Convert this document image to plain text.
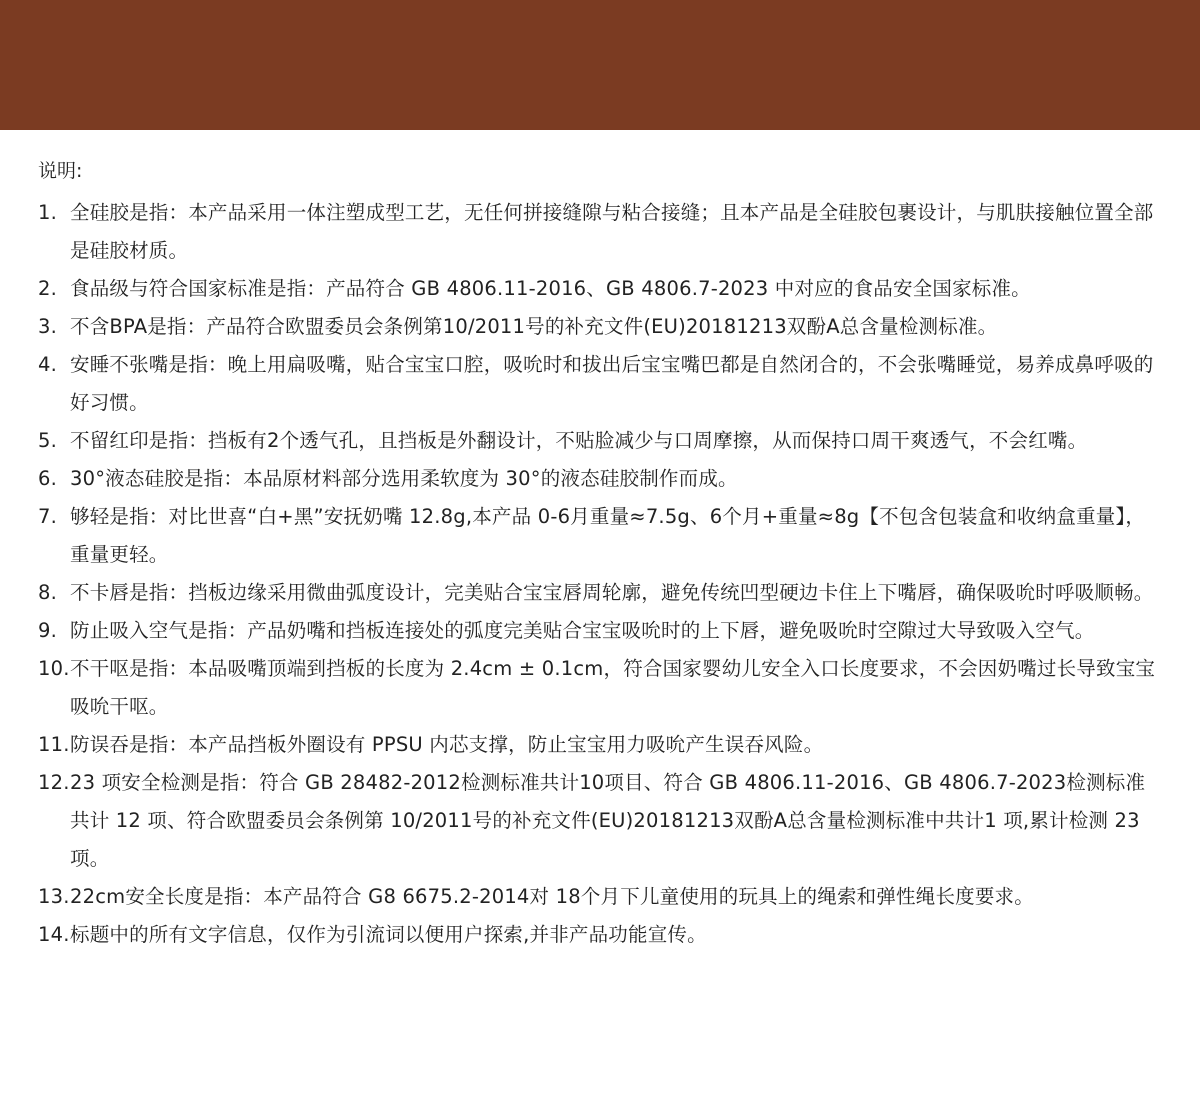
说明:
1. 全硅胶是指：本产品采用一体注塑成型工艺，无任何拼接缝隙与粘合接缝；且本产品是全硅胶包裹设计，与肌肤接触位置全部是硅胶材质。
2. 食品级与符合国家标准是指：产品符合 GB 4806.11-2016、GB 4806.7-2023 中对应的食品安全国家标准。
3. 不含BPA是指：产品符合欧盟委员会条例第10/2011号的补充文件(EU)20181213双酚A总含量检测标准。
4. 安睡不张嘴是指：晚上用扁吸嘴，贴合宝宝口腔，吸吮时和拔出后宝宝嘴巴都是自然闭合的，不会张嘴睡觉，易养成鼻呼吸的好习惯。
5. 不留红印是指：挡板有2个透气孔，且挡板是外翻设计，不贴脸减少与口周摩擦，从而保持口周干爽透气，不会红嘴。
6. 30°液态硅胶是指：本品原材料部分选用柔软度为 30°的液态硅胶制作而成。
7. 够轻是指：对比世喜“白+黑”安抚奶嘴 12.8g,本产品 0-6月重量≈7.5g、6个月+重量≈8g【不包含包装盒和收纳盒重量】，重量更轻。
8. 不卡唇是指：挡板边缘采用微曲弧度设计，完美贴合宝宝唇周轮廓，避免传统凹型硬边卡住上下嘴唇，确保吸吮时呼吸顺畅。
9. 防止吸入空气是指：产品奶嘴和挡板连接处的弧度完美贴合宝宝吸吮时的上下唇，避免吸吮时空隙过大导致吸入空气。
10. 不干呕是指：本品吸嘴顶端到挡板的长度为 2.4cm ± 0.1cm，符合国家婴幼儿安全入口长度要求，不会因奶嘴过长导致宝宝吸吮干呕。
11. 防误吞是指：本产品挡板外圈设有 PPSU 内芯支撑，防止宝宝用力吸吮产生误吞风险。
12. 23 项安全检测是指：符合 GB 28482-2012检测标准共计10项目、符合 GB 4806.11-2016、GB 4806.7-2023检测标准共计 12 项、符合欧盟委员会条例第 10/2011号的补充文件(EU)20181213双酚A总含量检测标准中共计1 项,累计检测 23 项。
13. 22cm安全长度是指：本产品符合 G8 6675.2-2014对 18个月下儿童使用的玩具上的绳索和弹性绳长度要求。
14. 标题中的所有文字信息，仅作为引流词以便用户探索,并非产品功能宣传。
